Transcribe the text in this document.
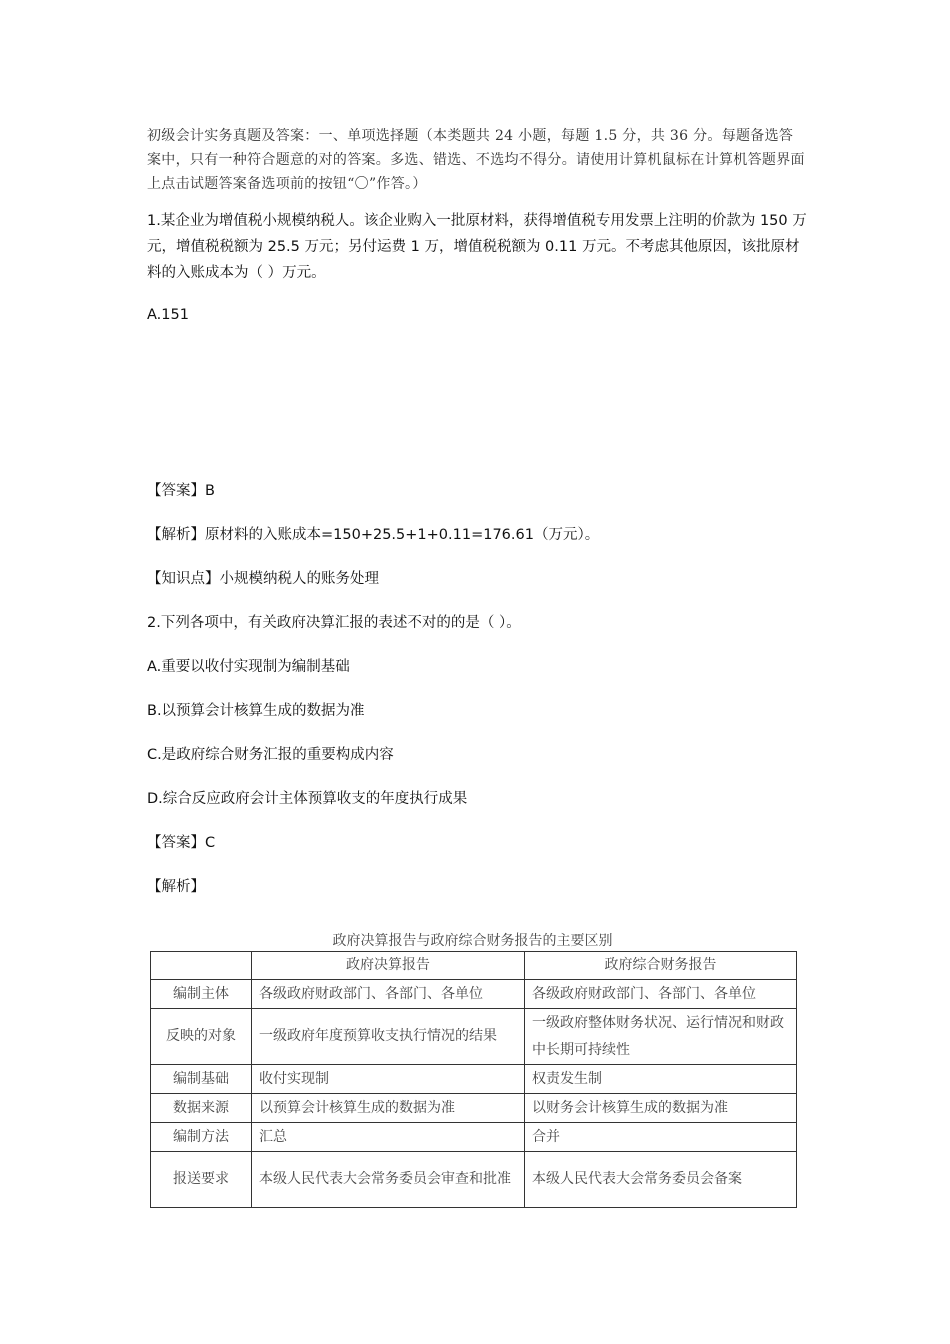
初级会计实务真题及答案：一、单项选择题（本类题共 24 小题，每题 1.5 分，共 36 分。每题备选答案中，只有一种符合题意的对的答案。多选、错选、不选均不得分。请使用计算机鼠标在计算机答题界面上点击试题答案备选项前的按钮“〇”作答。）
1.某企业为增值税小规模纳税人。该企业购入一批原材料，获得增值税专用发票上注明的价款为 150 万元，增值税税额为 25.5 万元；另付运费 1 万，增值税税额为 0.11 万元。不考虑其他原因，该批原材料的入账成本为（ ）万元。
A.151
【答案】B
【解析】原材料的入账成本=150+25.5+1+0.11=176.61（万元）。
【知识点】小规模纳税人的账务处理
2.下列各项中，有关政府决算汇报的表述不对的的是（ ）。
A.重要以收付实现制为编制基础
B.以预算会计核算生成的数据为准
C.是政府综合财务汇报的重要构成内容
D.综合反应政府会计主体预算收支的年度执行成果
【答案】C
【解析】
政府决算报告与政府综合财务报告的主要区别
	政府决算报告	政府综合财务报告
编制主体	各级政府财政部门、各部门、各单位	各级政府财政部门、各部门、各单位
反映的对象	一级政府年度预算收支执行情况的结果	一级政府整体财务状况、运行情况和财政中长期可持续性
编制基础	收付实现制	权责发生制
数据来源	以预算会计核算生成的数据为准	以财务会计核算生成的数据为准
编制方法	汇总	合并
报送要求	本级人民代表大会常务委员会审查和批准	本级人民代表大会常务委员会备案
